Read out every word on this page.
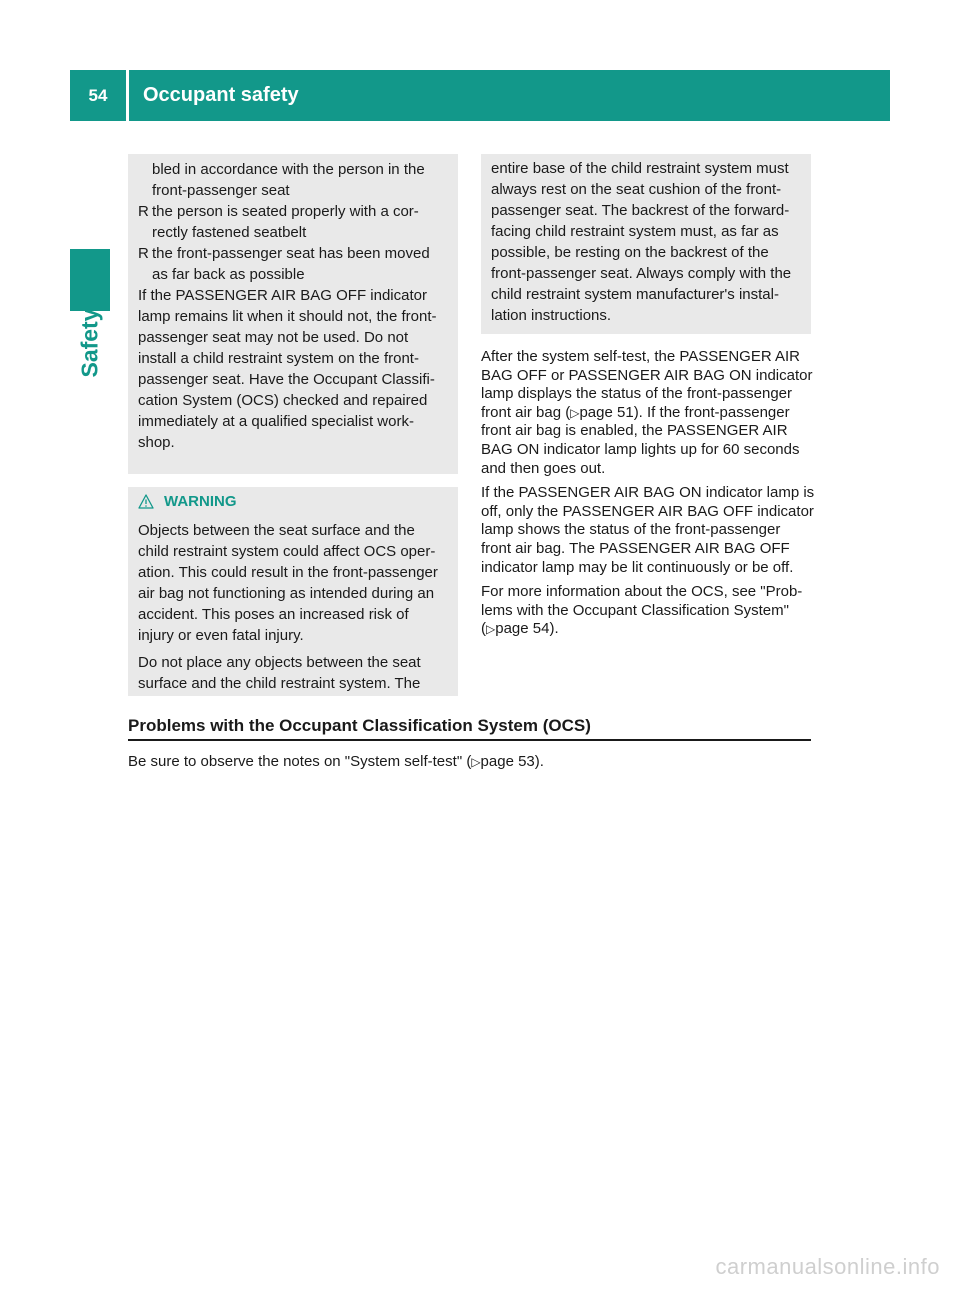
54	Occupant safety
Safety
bled in accordance with the person in the
front-passenger seat
R the person is seated properly with a cor-
rectly fastened seatbelt
R the front-passenger seat has been moved
as far back as possible
If the PASSENGER AIR BAG OFF indicator
lamp remains lit when it should not, the front-
passenger seat may not be used. Do not
install a child restraint system on the front-
passenger seat. Have the Occupant Classifi-
cation System (OCS) checked and repaired
immediately at a qualified specialist work-
shop.
WARNING

Objects between the seat surface and the
child restraint system could affect OCS oper-
ation. This could result in the front-passenger
air bag not functioning as intended during an
accident. This poses an increased risk of
injury or even fatal injury.

Do not place any objects between the seat
surface and the child restraint system. The

entire base of the child restraint system must
always rest on the seat cushion of the front-
passenger seat. The backrest of the forward-
facing child restraint system must, as far as
possible, be resting on the backrest of the
front-passenger seat. Always comply with the
child restraint system manufacturer's instal-
lation instructions.

After the system self-test, the PASSENGER AIR
BAG OFF or PASSENGER AIR BAG ON indicator
lamp displays the status of the front-passenger
front air bag (▷page 51). If the front-passenger
front air bag is enabled, the PASSENGER AIR
BAG ON indicator lamp lights up for 60 seconds
and then goes out.

If the PASSENGER AIR BAG ON indicator lamp is
off, only the PASSENGER AIR BAG OFF indicator
lamp shows the status of the front-passenger
front air bag. The PASSENGER AIR BAG OFF
indicator lamp may be lit continuously or be off.

For more information about the OCS, see "Prob-
lems with the Occupant Classification System"
(▷page 54).

Problems with the Occupant Classification System (OCS)
Be sure to observe the notes on "System self-test" (▷page 53).
carmanualsonline.info
